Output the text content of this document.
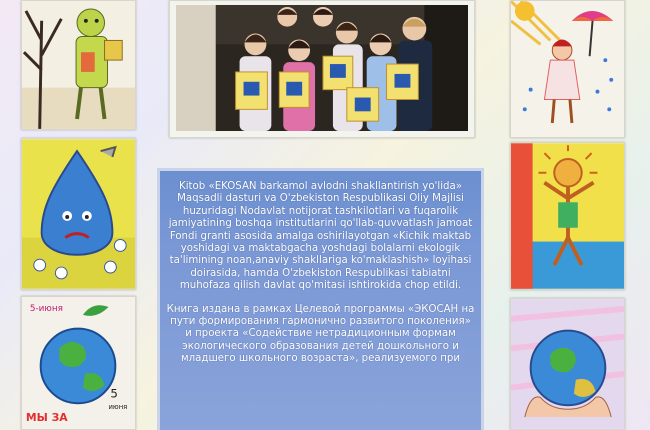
5-июня
5
июня
МЫ ЗА

Kitob «EKOSAN barkamol avlodni shakllantirish yo'lida» Maqsadli dasturi va O'zbekiston Respublikasi Oliy Majlisi huzuridagi Nodavlat notijorat tashkilotlari va fuqarolik jamiyatining boshqa institutlarini qo'llab-quvvatlash jamoat Fondi granti asosida amalga oshirilayotgan «Kichik maktab yoshidagi va maktabgacha yoshdagi bolalarni ekologik ta'limining noan,anaviy shakllariga ko'maklashish» loyihasi doirasida, hamda O'zbekiston Respublikasi tabiatni muhofaza qilish davlat qo'mitasi ishtirokida chop etildi.

Книга издана в рамках Целевой программы «ЭКОСАН на пути формирования гармонично развитого поколения» и проекта «Содействие нетрадиционным формам экологического образования детей дошкольного и младшего школьного возраста», реализуемого при
